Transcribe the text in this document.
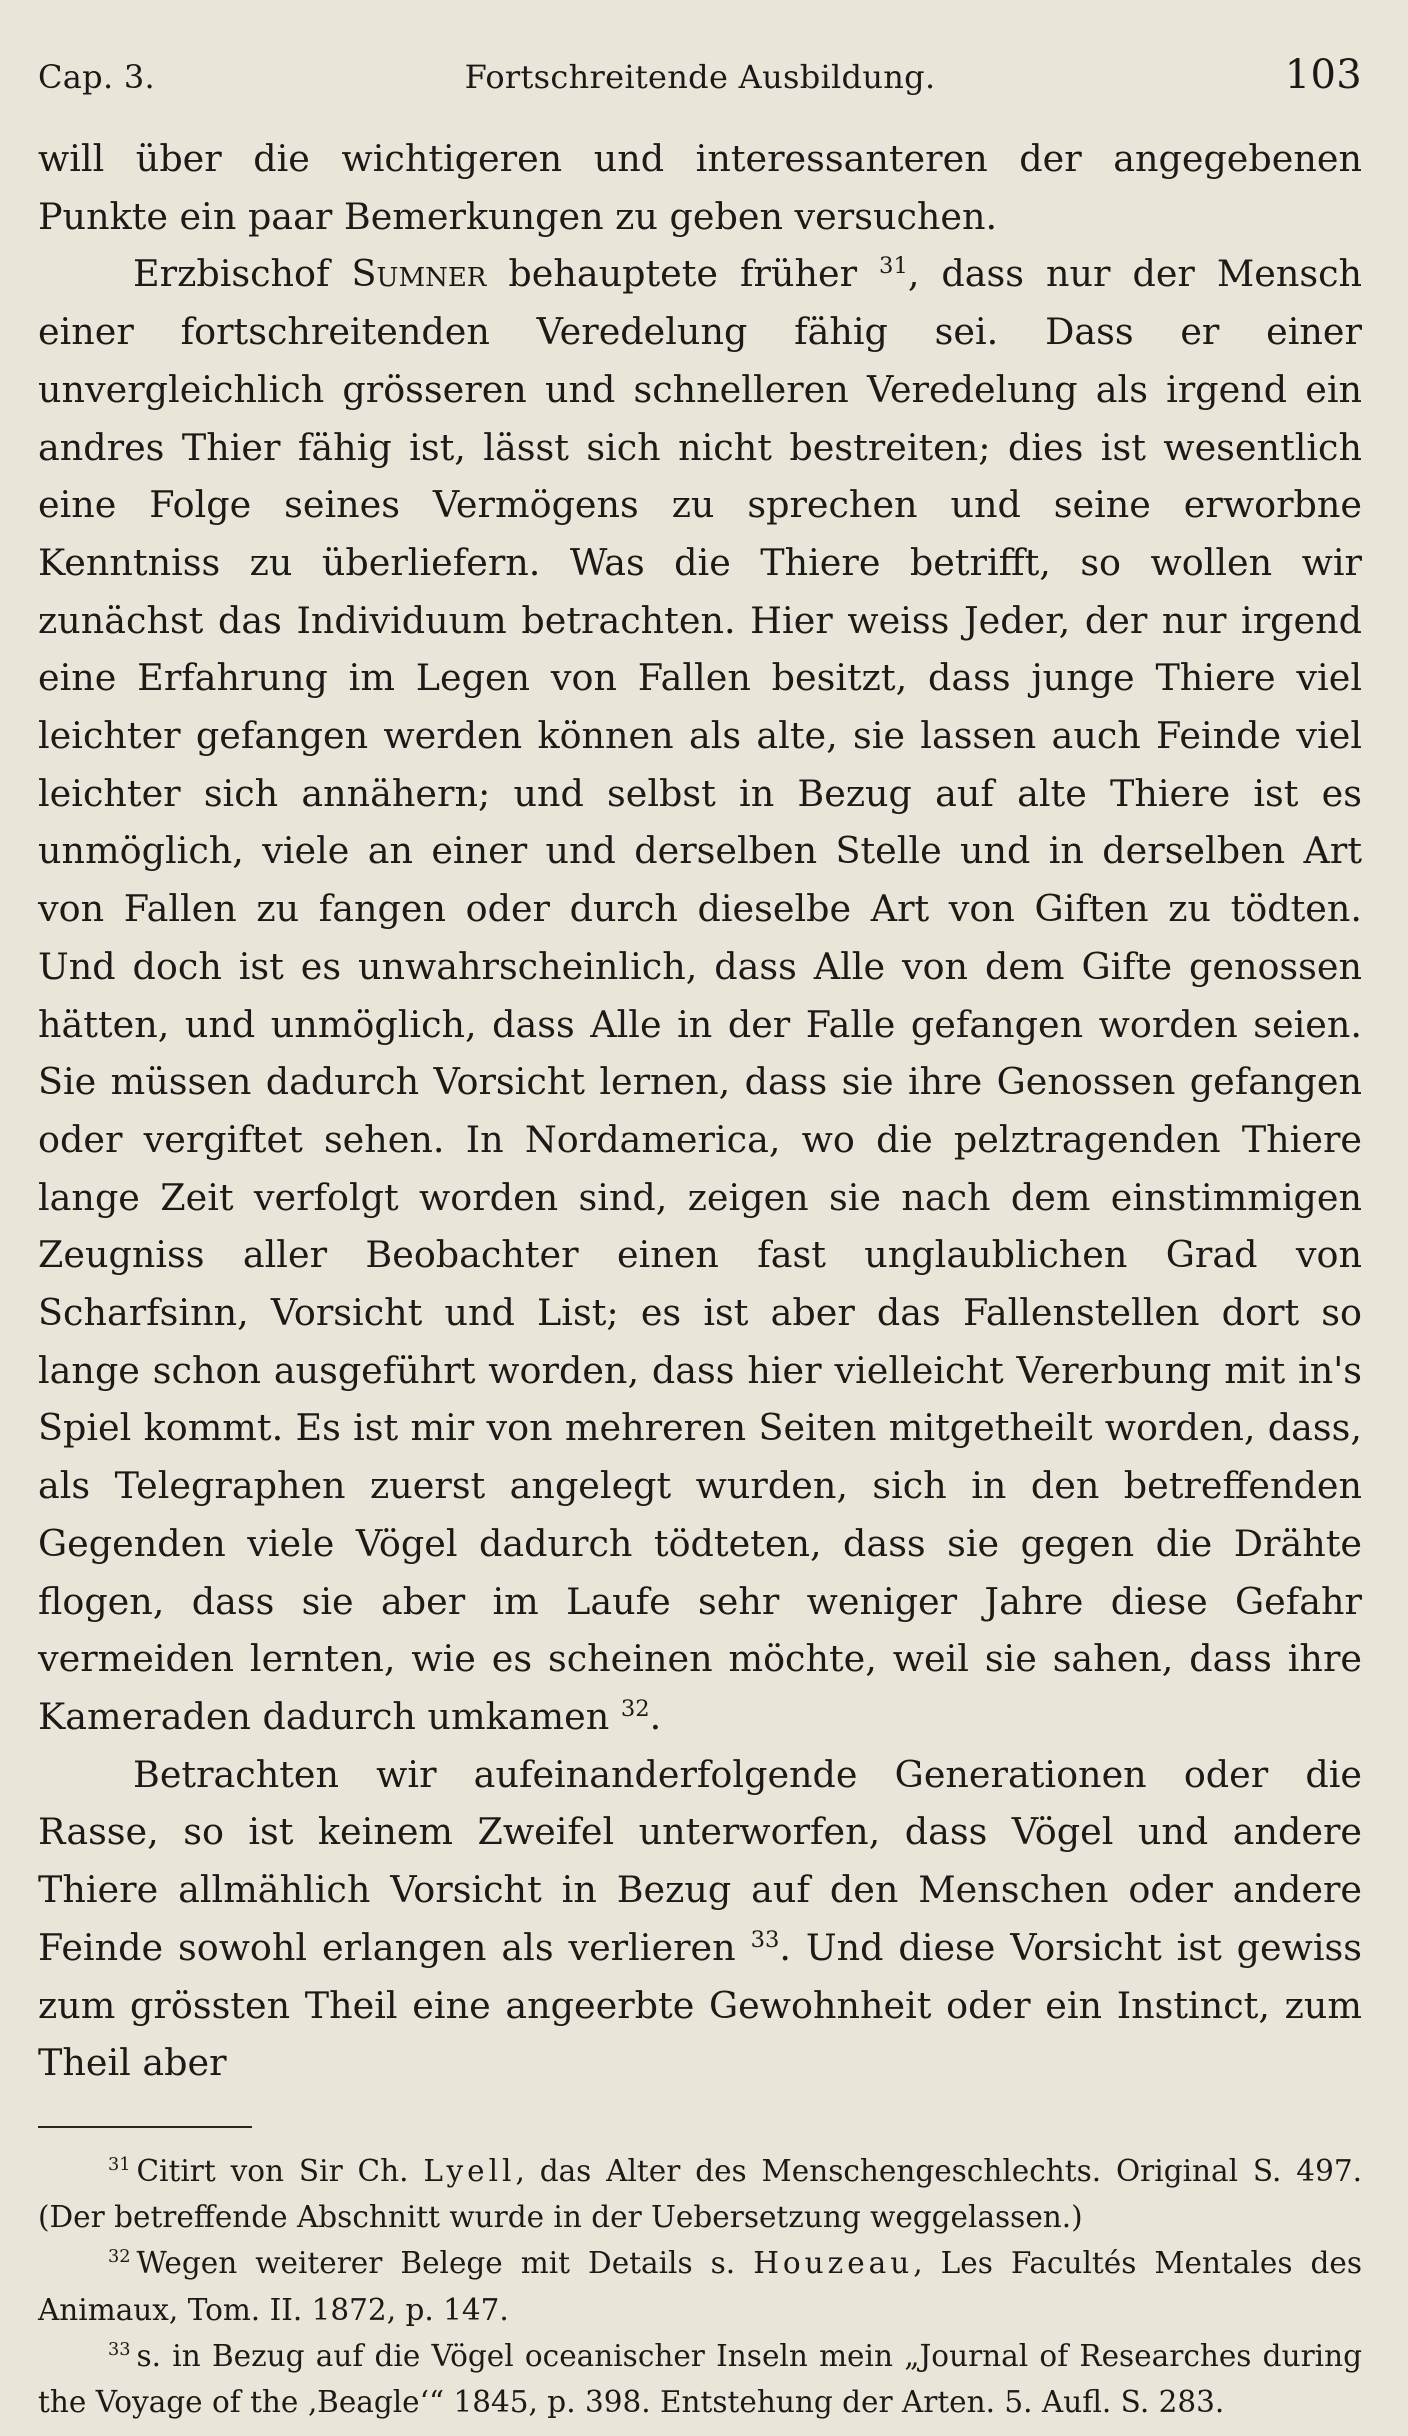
Cap. 3.	Fortschreitende Ausbildung.	103

will über die wichtigeren und interessanteren der angegebenen Punkte ein paar Bemerkungen zu geben versuchen.

Erzbischof Sumner behauptete früher $^{31}$, dass nur der Mensch einer fortschreitenden Veredelung fähig sei. Dass er einer unvergleichlich grösseren und schnelleren Veredelung als irgend ein andres Thier fähig ist, lässt sich nicht bestreiten; dies ist wesentlich eine Folge seines Vermögens zu sprechen und seine erworbne Kenntniss zu überliefern. Was die Thiere betrifft, so wollen wir zunächst das Individuum betrachten. Hier weiss Jeder, der nur irgend eine Erfahrung im Legen von Fallen besitzt, dass junge Thiere viel leichter gefangen werden können als alte, sie lassen auch Feinde viel leichter sich annähern; und selbst in Bezug auf alte Thiere ist es unmöglich, viele an einer und derselben Stelle und in derselben Art von Fallen zu fangen oder durch dieselbe Art von Giften zu tödten. Und doch ist es unwahrscheinlich, dass Alle von dem Gifte genossen hätten, und unmöglich, dass Alle in der Falle gefangen worden seien. Sie müssen dadurch Vorsicht lernen, dass sie ihre Genossen gefangen oder vergiftet sehen. In Nordamerica, wo die pelztragenden Thiere lange Zeit verfolgt worden sind, zeigen sie nach dem einstimmigen Zeugniss aller Beobachter einen fast unglaublichen Grad von Scharfsinn, Vorsicht und List; es ist aber das Fallenstellen dort so lange schon ausgeführt worden, dass hier vielleicht Vererbung mit in's Spiel kommt. Es ist mir von mehreren Seiten mitgetheilt worden, dass, als Telegraphen zuerst angelegt wurden, sich in den betreffenden Gegenden viele Vögel dadurch tödteten, dass sie gegen die Drähte flogen, dass sie aber im Laufe sehr weniger Jahre diese Gefahr vermeiden lernten, wie es scheinen möchte, weil sie sahen, dass ihre Kameraden dadurch umkamen $^{32}$.

Betrachten wir aufeinanderfolgende Generationen oder die Rasse, so ist keinem Zweifel unterworfen, dass Vögel und andere Thiere allmählich Vorsicht in Bezug auf den Menschen oder andere Feinde sowohl erlangen als verlieren $^{33}$. Und diese Vorsicht ist gewiss zum grössten Theil eine angeerbte Gewohnheit oder ein Instinct, zum Theil aber

$^{31}$ Citirt von Sir Ch. Lyell, das Alter des Menschengeschlechts. Original S. 497. (Der betreffende Abschnitt wurde in der Uebersetzung weggelassen.)

$^{32}$ Wegen weiterer Belege mit Details s. Houzeau, Les Facultés Mentales des Animaux, Tom. II. 1872, p. 147.

$^{33}$ s. in Bezug auf die Vögel oceanischer Inseln mein „Journal of Researches during the Voyage of the ‚Beagle‘“ 1845, p. 398. Entstehung der Arten. 5. Aufl. S. 283.
